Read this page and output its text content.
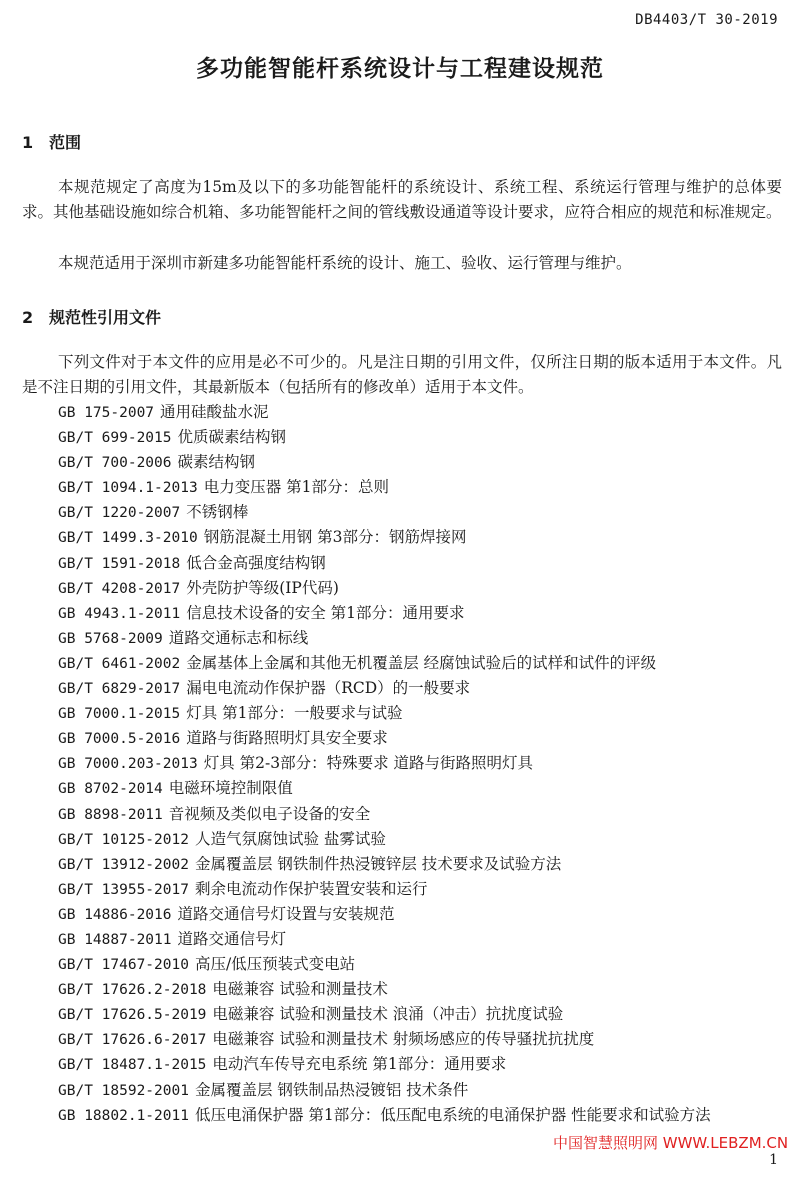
DB4403/T 30-2019
多功能智能杆系统设计与工程建设规范
1 范围

本规范规定了高度为15m及以下的多功能智能杆的系统设计、系统工程、系统运行管理与维护的总体要求。其他基础设施如综合机箱、多功能智能杆之间的管线敷设通道等设计要求，应符合相应的规范和标准规定。

本规范适用于深圳市新建多功能智能杆系统的设计、施工、验收、运行管理与维护。

2 规范性引用文件

下列文件对于本文件的应用是必不可少的。凡是注日期的引用文件，仅所注日期的版本适用于本文件。凡是不注日期的引用文件，其最新版本（包括所有的修改单）适用于本文件。

GB 175-2007 通用硅酸盐水泥
GB/T 699-2015 优质碳素结构钢
GB/T 700-2006 碳素结构钢
GB/T 1094.1-2013 电力变压器 第1部分：总则
GB/T 1220-2007 不锈钢棒
GB/T 1499.3-2010 钢筋混凝土用钢 第3部分：钢筋焊接网
GB/T 1591-2018 低合金高强度结构钢
GB/T 4208-2017 外壳防护等级(IP代码)
GB 4943.1-2011 信息技术设备的安全 第1部分：通用要求
GB 5768-2009 道路交通标志和标线
GB/T 6461-2002 金属基体上金属和其他无机覆盖层 经腐蚀试验后的试样和试件的评级
GB/T 6829-2017 漏电电流动作保护器（RCD）的一般要求
GB 7000.1-2015 灯具 第1部分：一般要求与试验
GB 7000.5-2016 道路与街路照明灯具安全要求
GB 7000.203-2013 灯具 第2-3部分：特殊要求 道路与街路照明灯具
GB 8702-2014 电磁环境控制限值
GB 8898-2011 音视频及类似电子设备的安全
GB/T 10125-2012 人造气氛腐蚀试验 盐雾试验
GB/T 13912-2002 金属覆盖层 钢铁制件热浸镀锌层 技术要求及试验方法
GB/T 13955-2017 剩余电流动作保护装置安装和运行
GB 14886-2016 道路交通信号灯设置与安装规范
GB 14887-2011 道路交通信号灯
GB/T 17467-2010 高压/低压预装式变电站
GB/T 17626.2-2018 电磁兼容 试验和测量技术
GB/T 17626.5-2019 电磁兼容 试验和测量技术 浪涌（冲击）抗扰度试验
GB/T 17626.6-2017 电磁兼容 试验和测量技术 射频场感应的传导骚扰抗扰度
GB/T 18487.1-2015 电动汽车传导充电系统 第1部分：通用要求
GB/T 18592-2001 金属覆盖层 钢铁制品热浸镀铝 技术条件
GB 18802.1-2011 低压电涌保护器 第1部分：低压配电系统的电涌保护器 性能要求和试验方法
中国智慧照明网 WWW.LEBZM.CN
1
